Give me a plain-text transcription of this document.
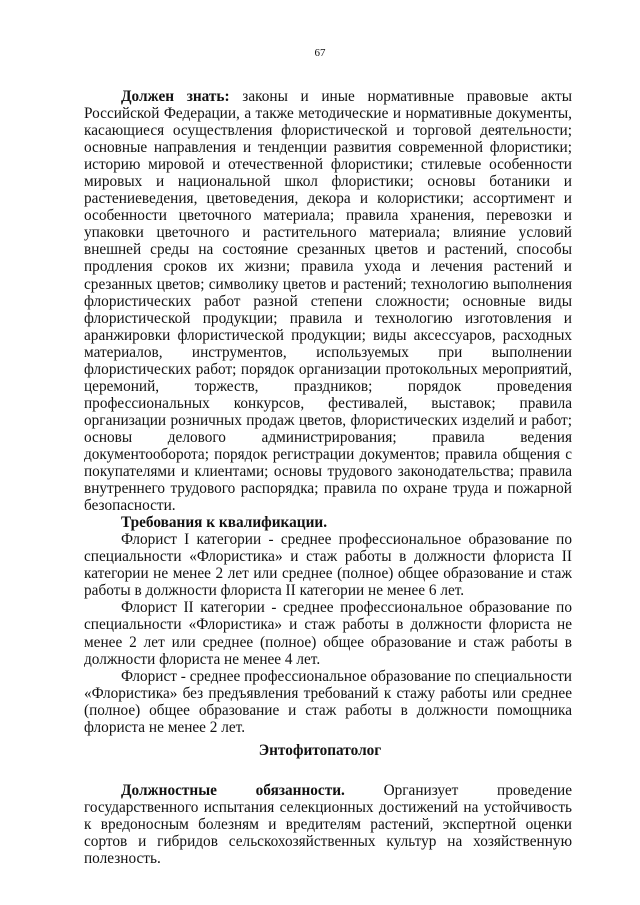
67

Должен знать: законы и иные нормативные правовые акты Российской Федерации, а также методические и нормативные документы, касающиеся осуществления флористической и торговой деятельности; основные направления и тенденции развития современной флористики; историю мировой и отечественной флористики; стилевые особенности мировых и национальной школ флористики; основы ботаники и растениеведения, цветоведения, декора и колористики; ассортимент и особенности цветочного материала; правила хранения, перевозки и упаковки цветочного и растительного материала; влияние условий внешней среды на состояние срезанных цветов и растений, способы продления сроков их жизни; правила ухода и лечения растений и срезанных цветов; символику цветов и растений; технологию выполнения флористических работ разной степени сложности; основные виды флористической продукции; правила и технологию изготовления и аранжировки флористической продукции; виды аксессуаров, расходных материалов, инструментов, используемых при выполнении флористических работ; порядок организации протокольных мероприятий, церемоний, торжеств, праздников; порядок проведения профессиональных конкурсов, фестивалей, выставок; правила организации розничных продаж цветов, флористических изделий и работ; основы делового администрирования; правила ведения документооборота; порядок регистрации документов; правила общения с покупателями и клиентами; основы трудового законодательства; правила внутреннего трудового распорядка; правила по охране труда и пожарной безопасности.

Требования к квалификации.

Флорист I категории - среднее профессиональное образование по специальности «Флористика» и стаж работы в должности флориста II категории не менее 2 лет или среднее (полное) общее образование и стаж работы в должности флориста II категории не менее 6 лет.

Флорист II категории - среднее профессиональное образование по специальности «Флористика» и стаж работы в должности флориста не менее 2 лет или среднее (полное) общее образование и стаж работы в должности флориста не менее 4 лет.

Флорист - среднее профессиональное образование по специальности «Флористика» без предъявления требований к стажу работы или среднее (полное) общее образование и стаж работы в должности помощника флориста не менее 2 лет.

Энтофитопатолог

Должностные обязанности. Организует проведение государственного испытания селекционных достижений на устойчивость к вредоносным болезням и вредителям растений, экспертной оценки сортов и гибридов сельскохозяйственных культур на хозяйственную полезность.
